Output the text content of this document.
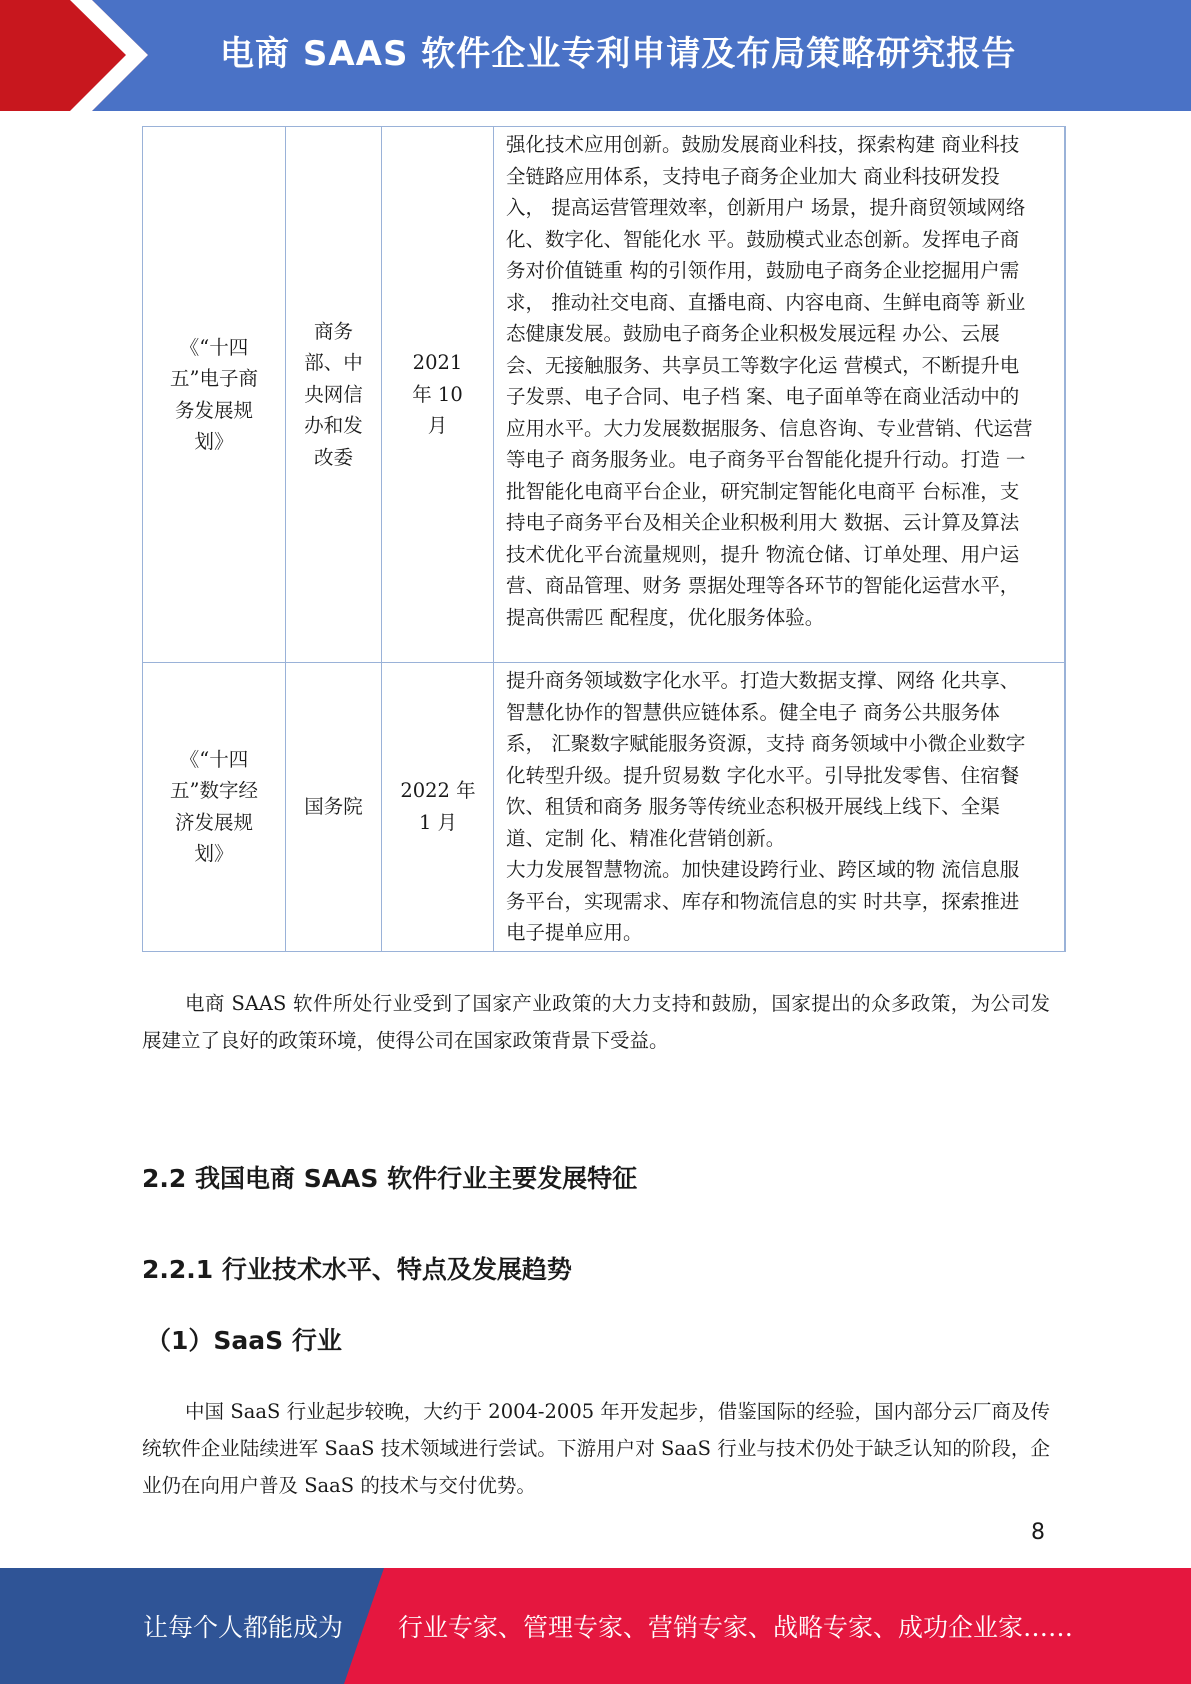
电商 SAAS 软件企业专利申请及布局策略研究报告
《“十四五”电子商务发展规划》	商务部、中央网信办和发改委	2021 年 10 月	强化技术应用创新。鼓励发展商业科技，探索构建 商业科技全链路应用体系，支持电子商务企业加大 商业科技研发投入， 提高运营管理效率，创新用户 场景，提升商贸领域网络化、数字化、智能化水 平。鼓励模式业态创新。发挥电子商务对价值链重 构的引领作用，鼓励电子商务企业挖掘用户需求， 推动社交电商、直播电商、内容电商、生鲜电商等 新业态健康发展。鼓励电子商务企业积极发展远程 办公、云展会、无接触服务、共享员工等数字化运 营模式，不断提升电子发票、电子合同、电子档 案、电子面单等在商业活动中的应用水平。大力发展数据服务、信息咨询、专业营销、代运营等电子 商务服务业。电子商务平台智能化提升行动。打造 一批智能化电商平台企业，研究制定智能化电商平 台标准，支持电子商务平台及相关企业积极利用大 数据、云计算及算法技术优化平台流量规则，提升 物流仓储、订单处理、用户运营、商品管理、财务 票据处理等各环节的智能化运营水平， 提高供需匹 配程度，优化服务体验。

《“十四五”数字经济发展规划》	国务院	2022 年 1 月	提升商务领域数字化水平。打造大数据支撑、网络 化共享、智慧化协作的智慧供应链体系。健全电子 商务公共服务体系， 汇聚数字赋能服务资源，支持 商务领域中小微企业数字化转型升级。提升贸易数 字化水平。引导批发零售、住宿餐饮、租赁和商务 服务等传统业态积极开展线上线下、全渠道、定制 化、精准化营销创新。
大力发展智慧物流。加快建设跨行业、跨区域的物 流信息服务平台，实现需求、库存和物流信息的实 时共享，探索推进电子提单应用。

电商 SAAS 软件所处行业受到了国家产业政策的大力支持和鼓励，国家提出的众多政策，为公司发展建立了良好的政策环境，使得公司在国家政策背景下受益。

2.2 我国电商 SAAS 软件行业主要发展特征
2.2.1 行业技术水平、特点及发展趋势
（1）SaaS 行业

中国 SaaS 行业起步较晚，大约于 2004-2005 年开发起步，借鉴国际的经验，国内部分云厂商及传统软件企业陆续进军 SaaS 技术领域进行尝试。下游用户对 SaaS 行业与技术仍处于缺乏认知的阶段，企业仍在向用户普及 SaaS 的技术与交付优势。

8
让每个人都能成为 行业专家、管理专家、营销专家、战略专家、成功企业家……
